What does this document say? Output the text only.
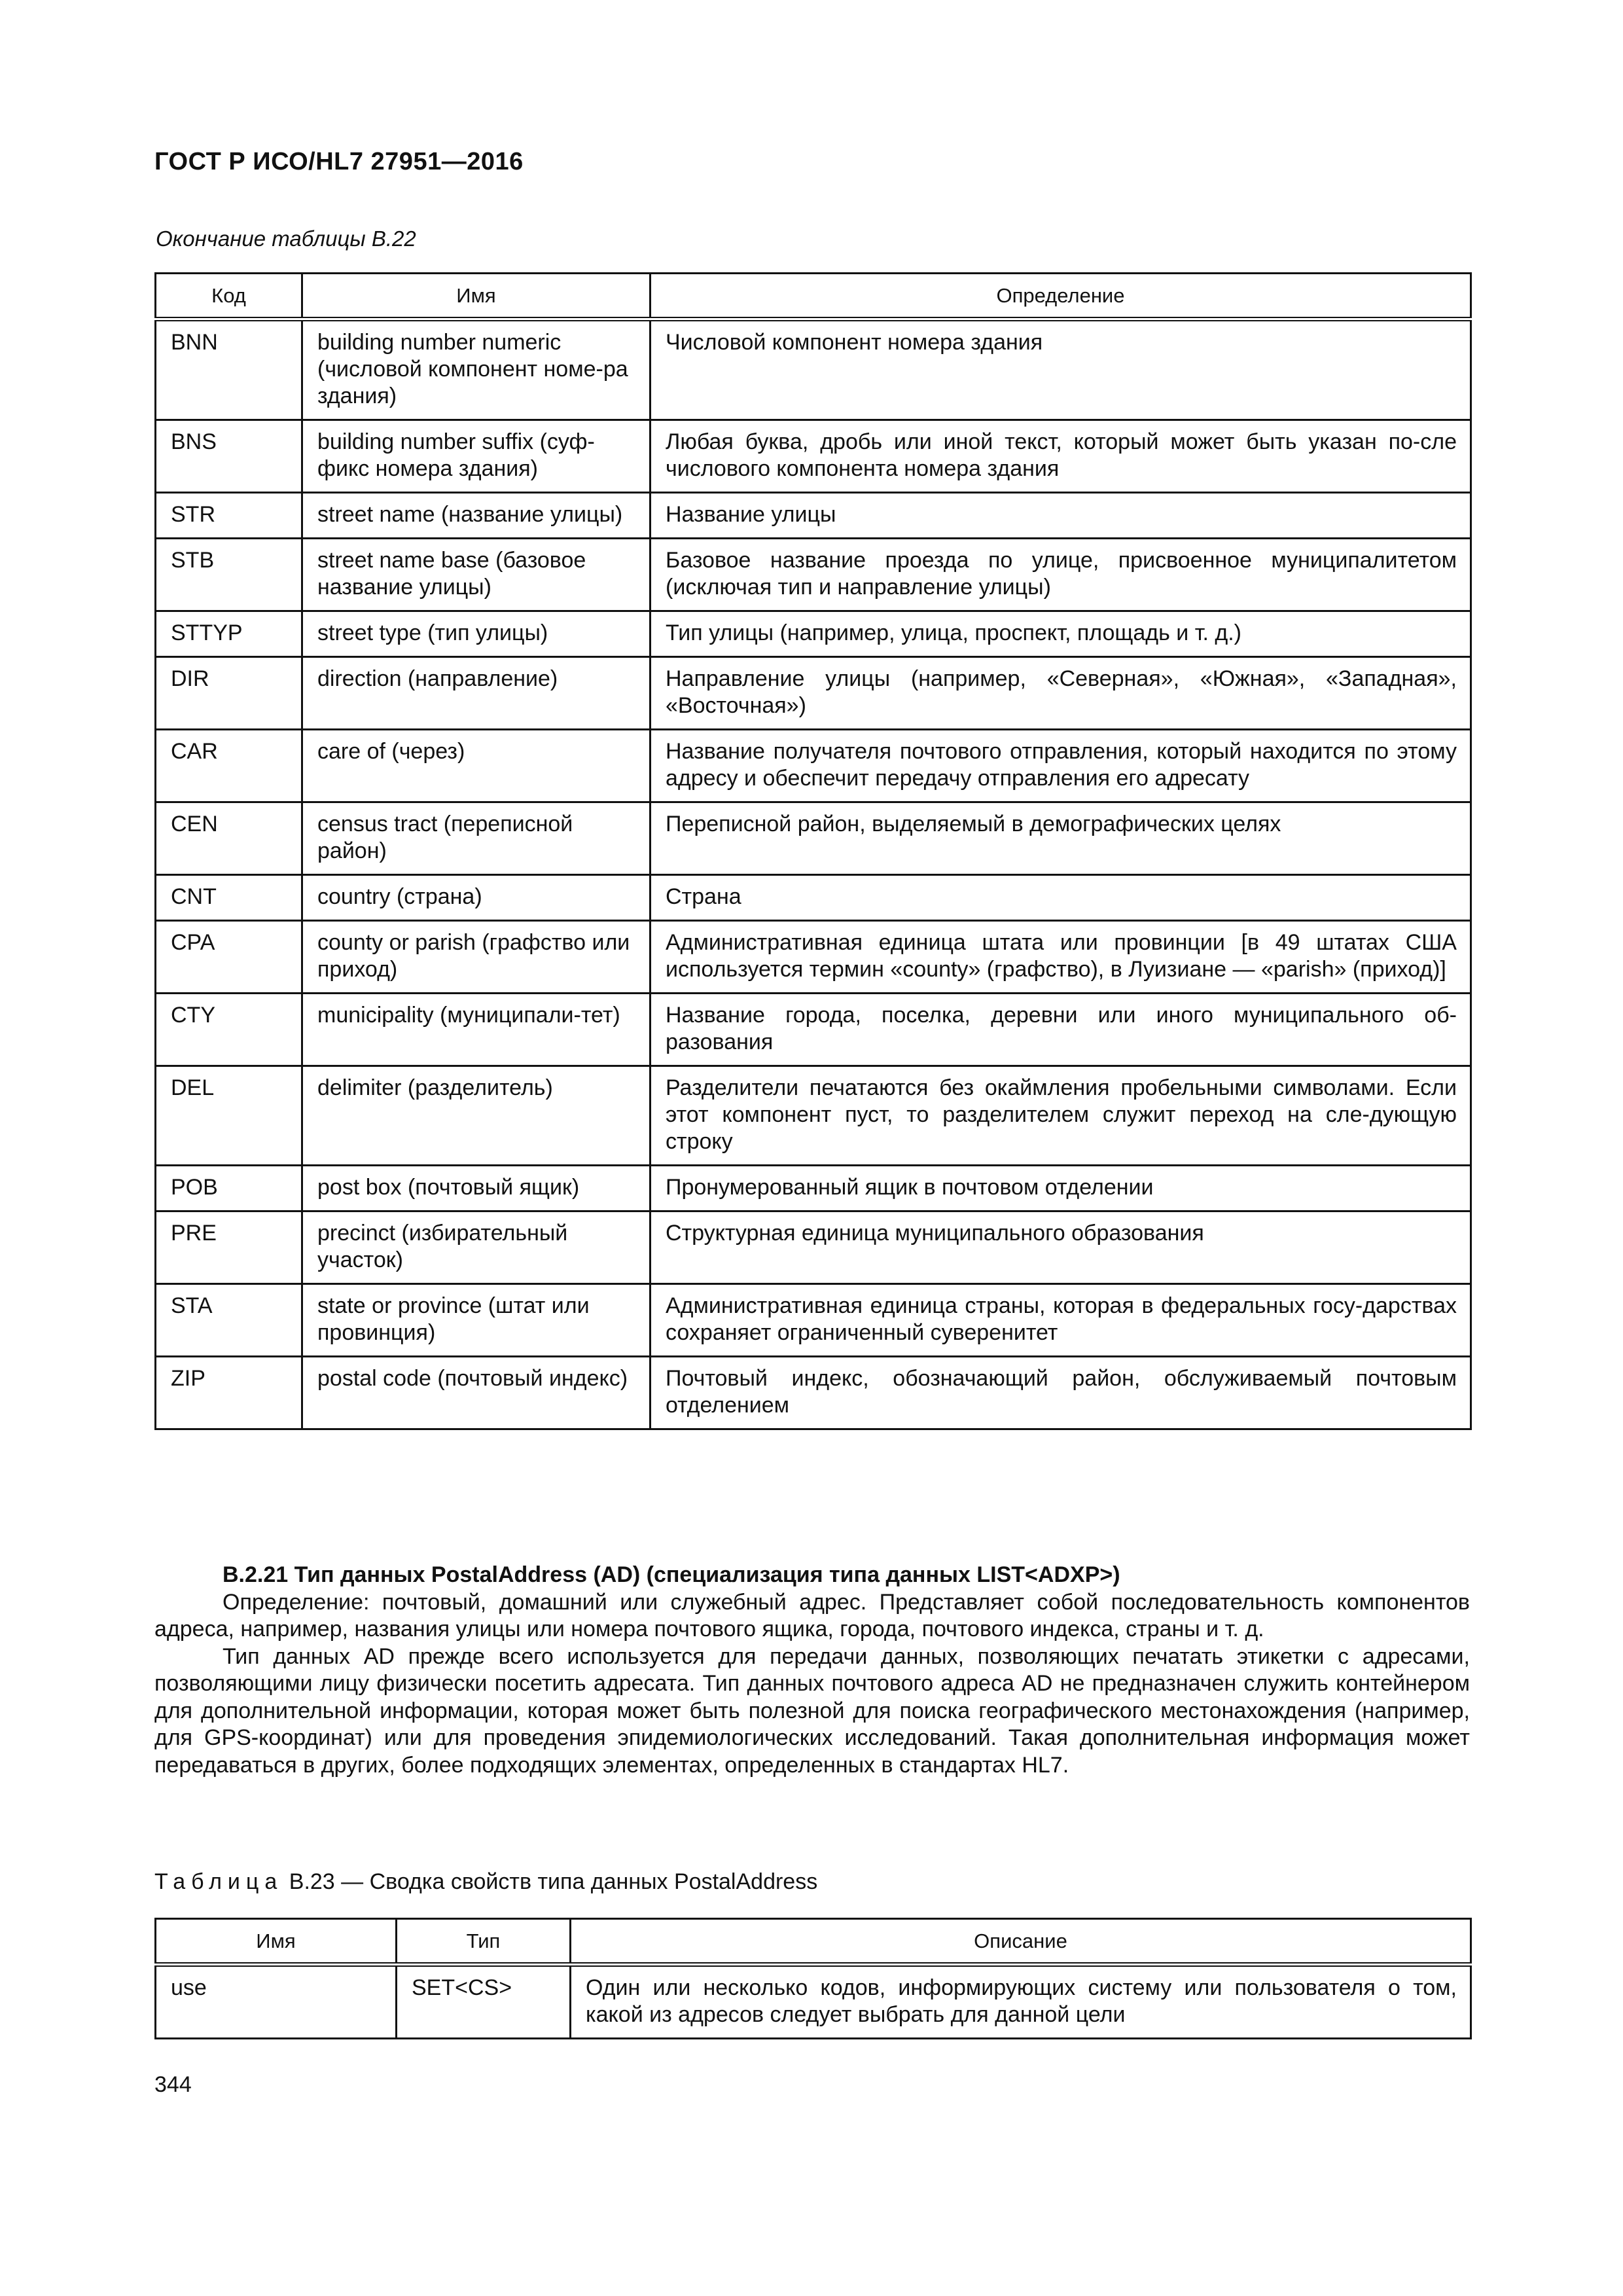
ГОСТ Р ИСО/HL7 27951—2016
Окончание таблицы В.22
Код	Имя	Определение
BNN	building number numeric (числовой компонент номе-ра здания)	Числовой компонент номера здания
BNS	building number suffix (суф-фикс номера здания)	Любая буква, дробь или иной текст, который может быть указан по-сле числового компонента номера здания
STR	street name (название улицы)	Название улицы
STB	street name base (базовое название улицы)	Базовое название проезда по улице, присвоенное муниципалитетом (исключая тип и направление улицы)
STTYP	street type (тип улицы)	Тип улицы (например, улица, проспект, площадь и т. д.)
DIR	direction (направление)	Направление улицы (например, «Северная», «Южная», «Западная», «Восточная»)
CAR	care of (через)	Название получателя почтового отправления, который находится по этому адресу и обеспечит передачу отправления его адресату
CEN	census tract (переписной район)	Переписной район, выделяемый в демографических целях
CNT	country (страна)	Страна
CPA	county or parish (графство или приход)	Административная единица штата или провинции [в 49 штатах США используется термин «county» (графство), в Луизиане — «parish» (приход)]
CTY	municipality (муниципали-тет)	Название города, поселка, деревни или иного муниципального об-разования
DEL	delimiter (разделитель)	Разделители печатаются без окаймления пробельными символами. Если этот компонент пуст, то разделителем служит переход на сле-дующую строку
POB	post box (почтовый ящик)	Пронумерованный ящик в почтовом отделении
PRE	precinct (избирательный участок)	Структурная единица муниципального образования
STA	state or province (штат или провинция)	Административная единица страны, которая в федеральных госу-дарствах сохраняет ограниченный суверенитет
ZIP	postal code (почтовый индекс)	Почтовый индекс, обозначающий район, обслуживаемый почтовым отделением

В.2.21 Тип данных PostalAddress (AD) (специализация типа данных LIST<ADXP>)

Определение: почтовый, домашний или служебный адрес. Представляет собой последовательность компонентов адреса, например, названия улицы или номера почтового ящика, города, почтового индекса, страны и т. д.

Тип данных AD прежде всего используется для передачи данных, позволяющих печатать этикетки с адресами, позволяющими лицу физически посетить адресата. Тип данных почтового адреса AD не предназначен служить контейнером для дополнительной информации, которая может быть полезной для поиска географического местонахождения (например, для GPS-координат) или для проведения эпидемиологических исследований. Такая дополнительная информация может передаваться в других, более подходящих элементах, определенных в стандартах HL7.

Таблица B.23 — Сводка свойств типа данных PostalAddress
Имя	Тип	Описание
use	SET<CS>	Один или несколько кодов, информирующих систему или пользователя о том, какой из адресов следует выбрать для данной цели
344
